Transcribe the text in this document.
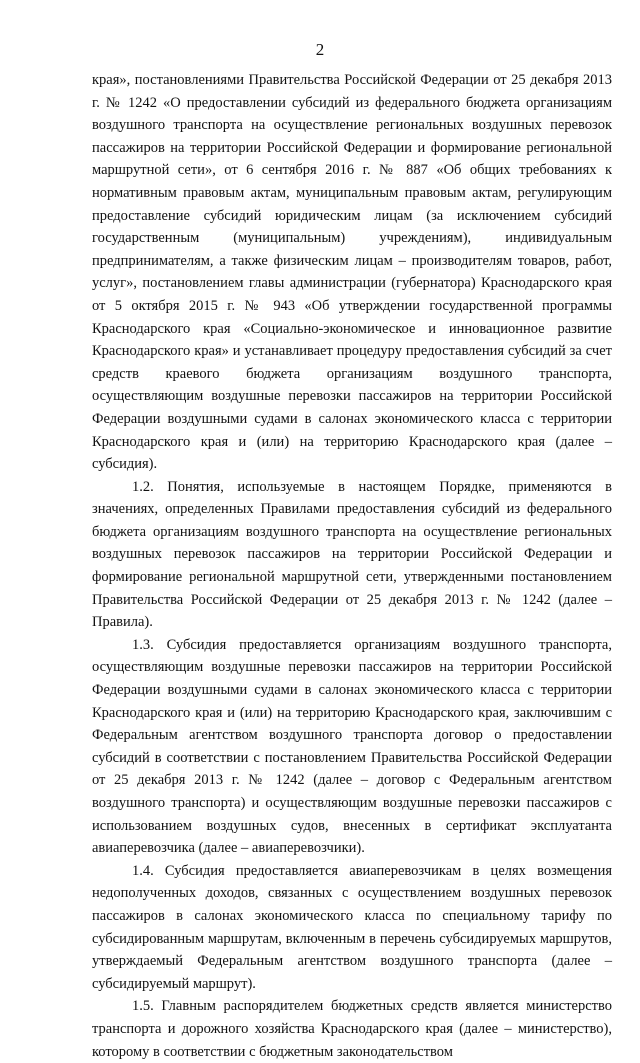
2

края», постановлениями Правительства Российской Федерации от 25 декабря 2013 г. № 1242 «О предоставлении субсидий из федерального бюджета организациям воздушного транспорта на осуществление региональных воздушных перевозок пассажиров на территории Российской Федерации и формирование региональной маршрутной сети», от 6 сентября 2016 г. № 887 «Об общих требованиях к нормативным правовым актам, муниципальным правовым актам, регулирующим предоставление субсидий юридическим лицам (за исключением субсидий государственным (муниципальным) учреждениям), индивидуальным предпринимателям, а также физическим лицам – производителям товаров, работ, услуг», постановлением главы администрации (губернатора) Краснодарского края от 5 октября 2015 г. № 943 «Об утверждении государственной программы Краснодарского края «Социально-экономическое и инновационное развитие Краснодарского края» и устанавливает процедуру предоставления субсидий за счет средств краевого бюджета организациям воздушного транспорта, осуществляющим воздушные перевозки пассажиров на территории Российской Федерации воздушными судами в салонах экономического класса с территории Краснодарского края и (или) на территорию Краснодарского края (далее – субсидия).

1.2. Понятия, используемые в настоящем Порядке, применяются в значениях, определенных Правилами предоставления субсидий из федерального бюджета организациям воздушного транспорта на осуществление региональных воздушных перевозок пассажиров на территории Российской Федерации и формирование региональной маршрутной сети, утвержденными постановлением Правительства Российской Федерации от 25 декабря 2013 г. № 1242 (далее – Правила).

1.3. Субсидия предоставляется организациям воздушного транспорта, осуществляющим воздушные перевозки пассажиров на территории Российской Федерации воздушными судами в салонах экономического класса с территории Краснодарского края и (или) на территорию Краснодарского края, заключившим с Федеральным агентством воздушного транспорта договор о предоставлении субсидий в соответствии с постановлением Правительства Российской Федерации от 25 декабря 2013 г. № 1242 (далее – договор с Федеральным агентством воздушного транспорта) и осуществляющим воздушные перевозки пассажиров с использованием воздушных судов, внесенных в сертификат эксплуатанта авиаперевозчика (далее – авиаперевозчики).

1.4. Субсидия предоставляется авиаперевозчикам в целях возмещения недополученных доходов, связанных с осуществлением воздушных перевозок пассажиров в салонах экономического класса по специальному тарифу по субсидированным маршрутам, включенным в перечень субсидируемых маршрутов, утверждаемый Федеральным агентством воздушного транспорта (далее – субсидируемый маршрут).

1.5. Главным распорядителем бюджетных средств является министерство транспорта и дорожного хозяйства Краснодарского края (далее – министерство), которому в соответствии с бюджетным законодательством
